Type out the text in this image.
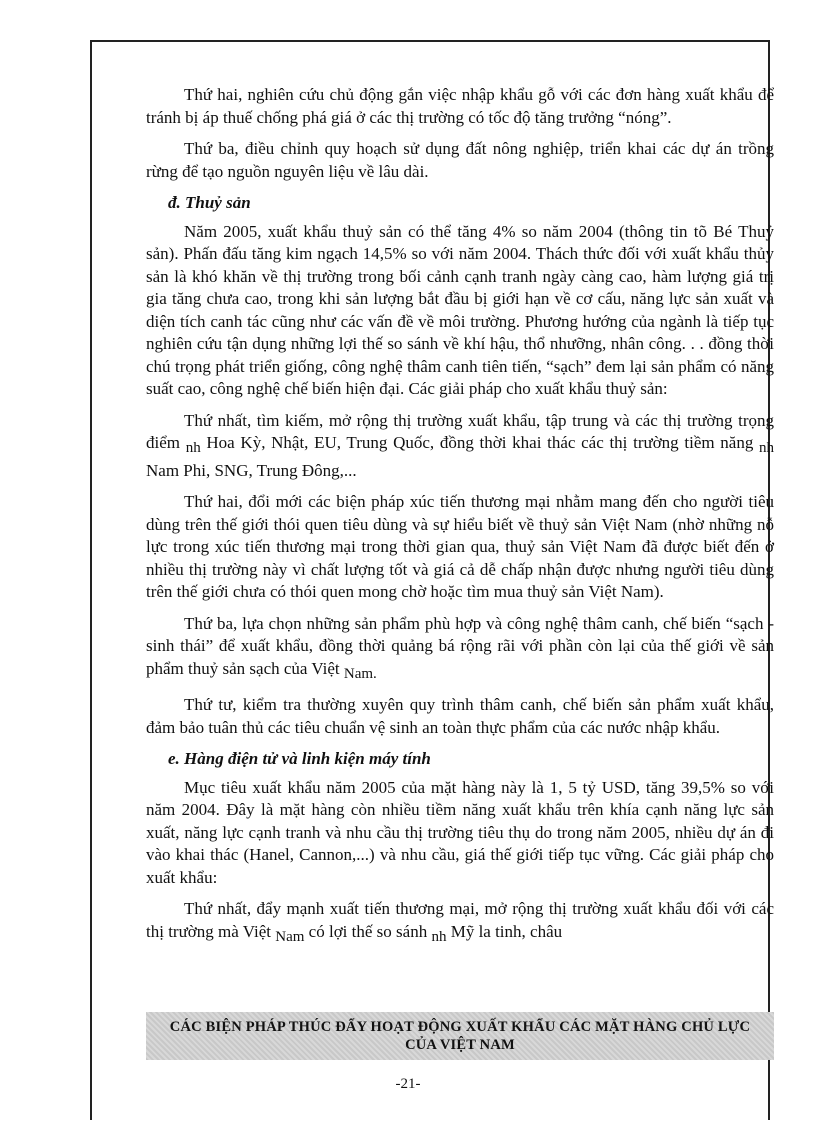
Thứ hai, nghiên cứu chủ động gắn việc nhập khẩu gỗ với các đơn hàng xuất khẩu để tránh bị áp thuế chống phá giá ở các thị trường có tốc độ tăng trưởng “nóng”.

Thứ ba, điều chỉnh quy hoạch sử dụng đất nông nghiệp, triển khai các dự án trồng rừng để tạo nguồn nguyên liệu về lâu dài.

đ. Thuỷ sản

Năm 2005, xuất khẩu thuỷ sản có thể tăng 4% so năm 2004 (thông tin tõ Bé Thuỷ sản). Phấn đấu tăng kim ngạch 14,5% so với năm 2004. Thách thức đối với xuất khẩu thủy sản là khó khăn về thị trường trong bối cảnh cạnh tranh ngày càng cao, hàm lượng giá trị gia tăng chưa cao, trong khi sản lượng bắt đầu bị giới hạn về cơ cấu, năng lực sản xuất và diện tích canh tác cũng như các vấn đề về môi trường. Phương hướng của ngành là tiếp tục nghiên cứu tận dụng những lợi thế so sánh về khí hậu, thổ nhưỡng, nhân công. . . đồng thời chú trọng phát triển giống, công nghệ thâm canh tiên tiến, “sạch” đem lại sản phẩm có năng suất cao, công nghệ chế biến hiện đại. Các giải pháp cho xuất khẩu thuỷ sản:

Thứ nhất, tìm kiếm, mở rộng thị trường xuất khẩu, tập trung và các thị trường trọng điểm nh Hoa Kỳ, Nhật, EU, Trung Quốc, đồng thời khai thác các thị trường tiềm năng nh Nam Phi, SNG, Trung Đông,...

Thứ hai, đổi mới các biện pháp xúc tiến thương mại nhằm mang đến cho người tiêu dùng trên thế giới thói quen tiêu dùng và sự hiểu biết về thuỷ sản Việt Nam (nhờ những nỗ lực trong xúc tiến thương mại trong thời gian qua, thuỷ sản Việt Nam đã được biết đến ở nhiều thị trường này vì chất lượng tốt và giá cả dễ chấp nhận được nhưng người tiêu dùng trên thế giới chưa có thói quen mong chờ hoặc tìm mua thuỷ sản Việt Nam).

Thứ ba, lựa chọn những sản phẩm phù hợp và công nghệ thâm canh, chế biến “sạch - sinh thái” để xuất khẩu, đồng thời quảng bá rộng rãi với phần còn lại của thế giới về sản phẩm thuỷ sản sạch của Việt Nam.

Thứ tư, kiểm tra thường xuyên quy trình thâm canh, chế biến sản phẩm xuất khẩu, đảm bảo tuân thủ các tiêu chuẩn vệ sinh an toàn thực phẩm của các nước nhập khẩu.

e. Hàng điện tử và linh kiện máy tính

Mục tiêu xuất khẩu năm 2005 của mặt hàng này là 1, 5 tỷ USD, tăng 39,5% so với năm 2004. Đây là mặt hàng còn nhiều tiềm năng xuất khẩu trên khía cạnh năng lực sản xuất, năng lực cạnh tranh và nhu cầu thị trường tiêu thụ do trong năm 2005, nhiều dự án đi vào khai thác (Hanel, Cannon,...) và nhu cầu, giá thế giới tiếp tục vững. Các giải pháp cho xuất khẩu:

Thứ nhất, đẩy mạnh xuất tiến thương mại, mở rộng thị trường xuất khẩu đối với các thị trường mà Việt Nam có lợi thế so sánh nh Mỹ la tinh, châu

CÁC BIỆN PHÁP THÚC ĐẨY HOẠT ĐỘNG XUẤT KHẨU CÁC MẶT HÀNG CHỦ LỰC
CỦA VIỆT NAM
-21-
